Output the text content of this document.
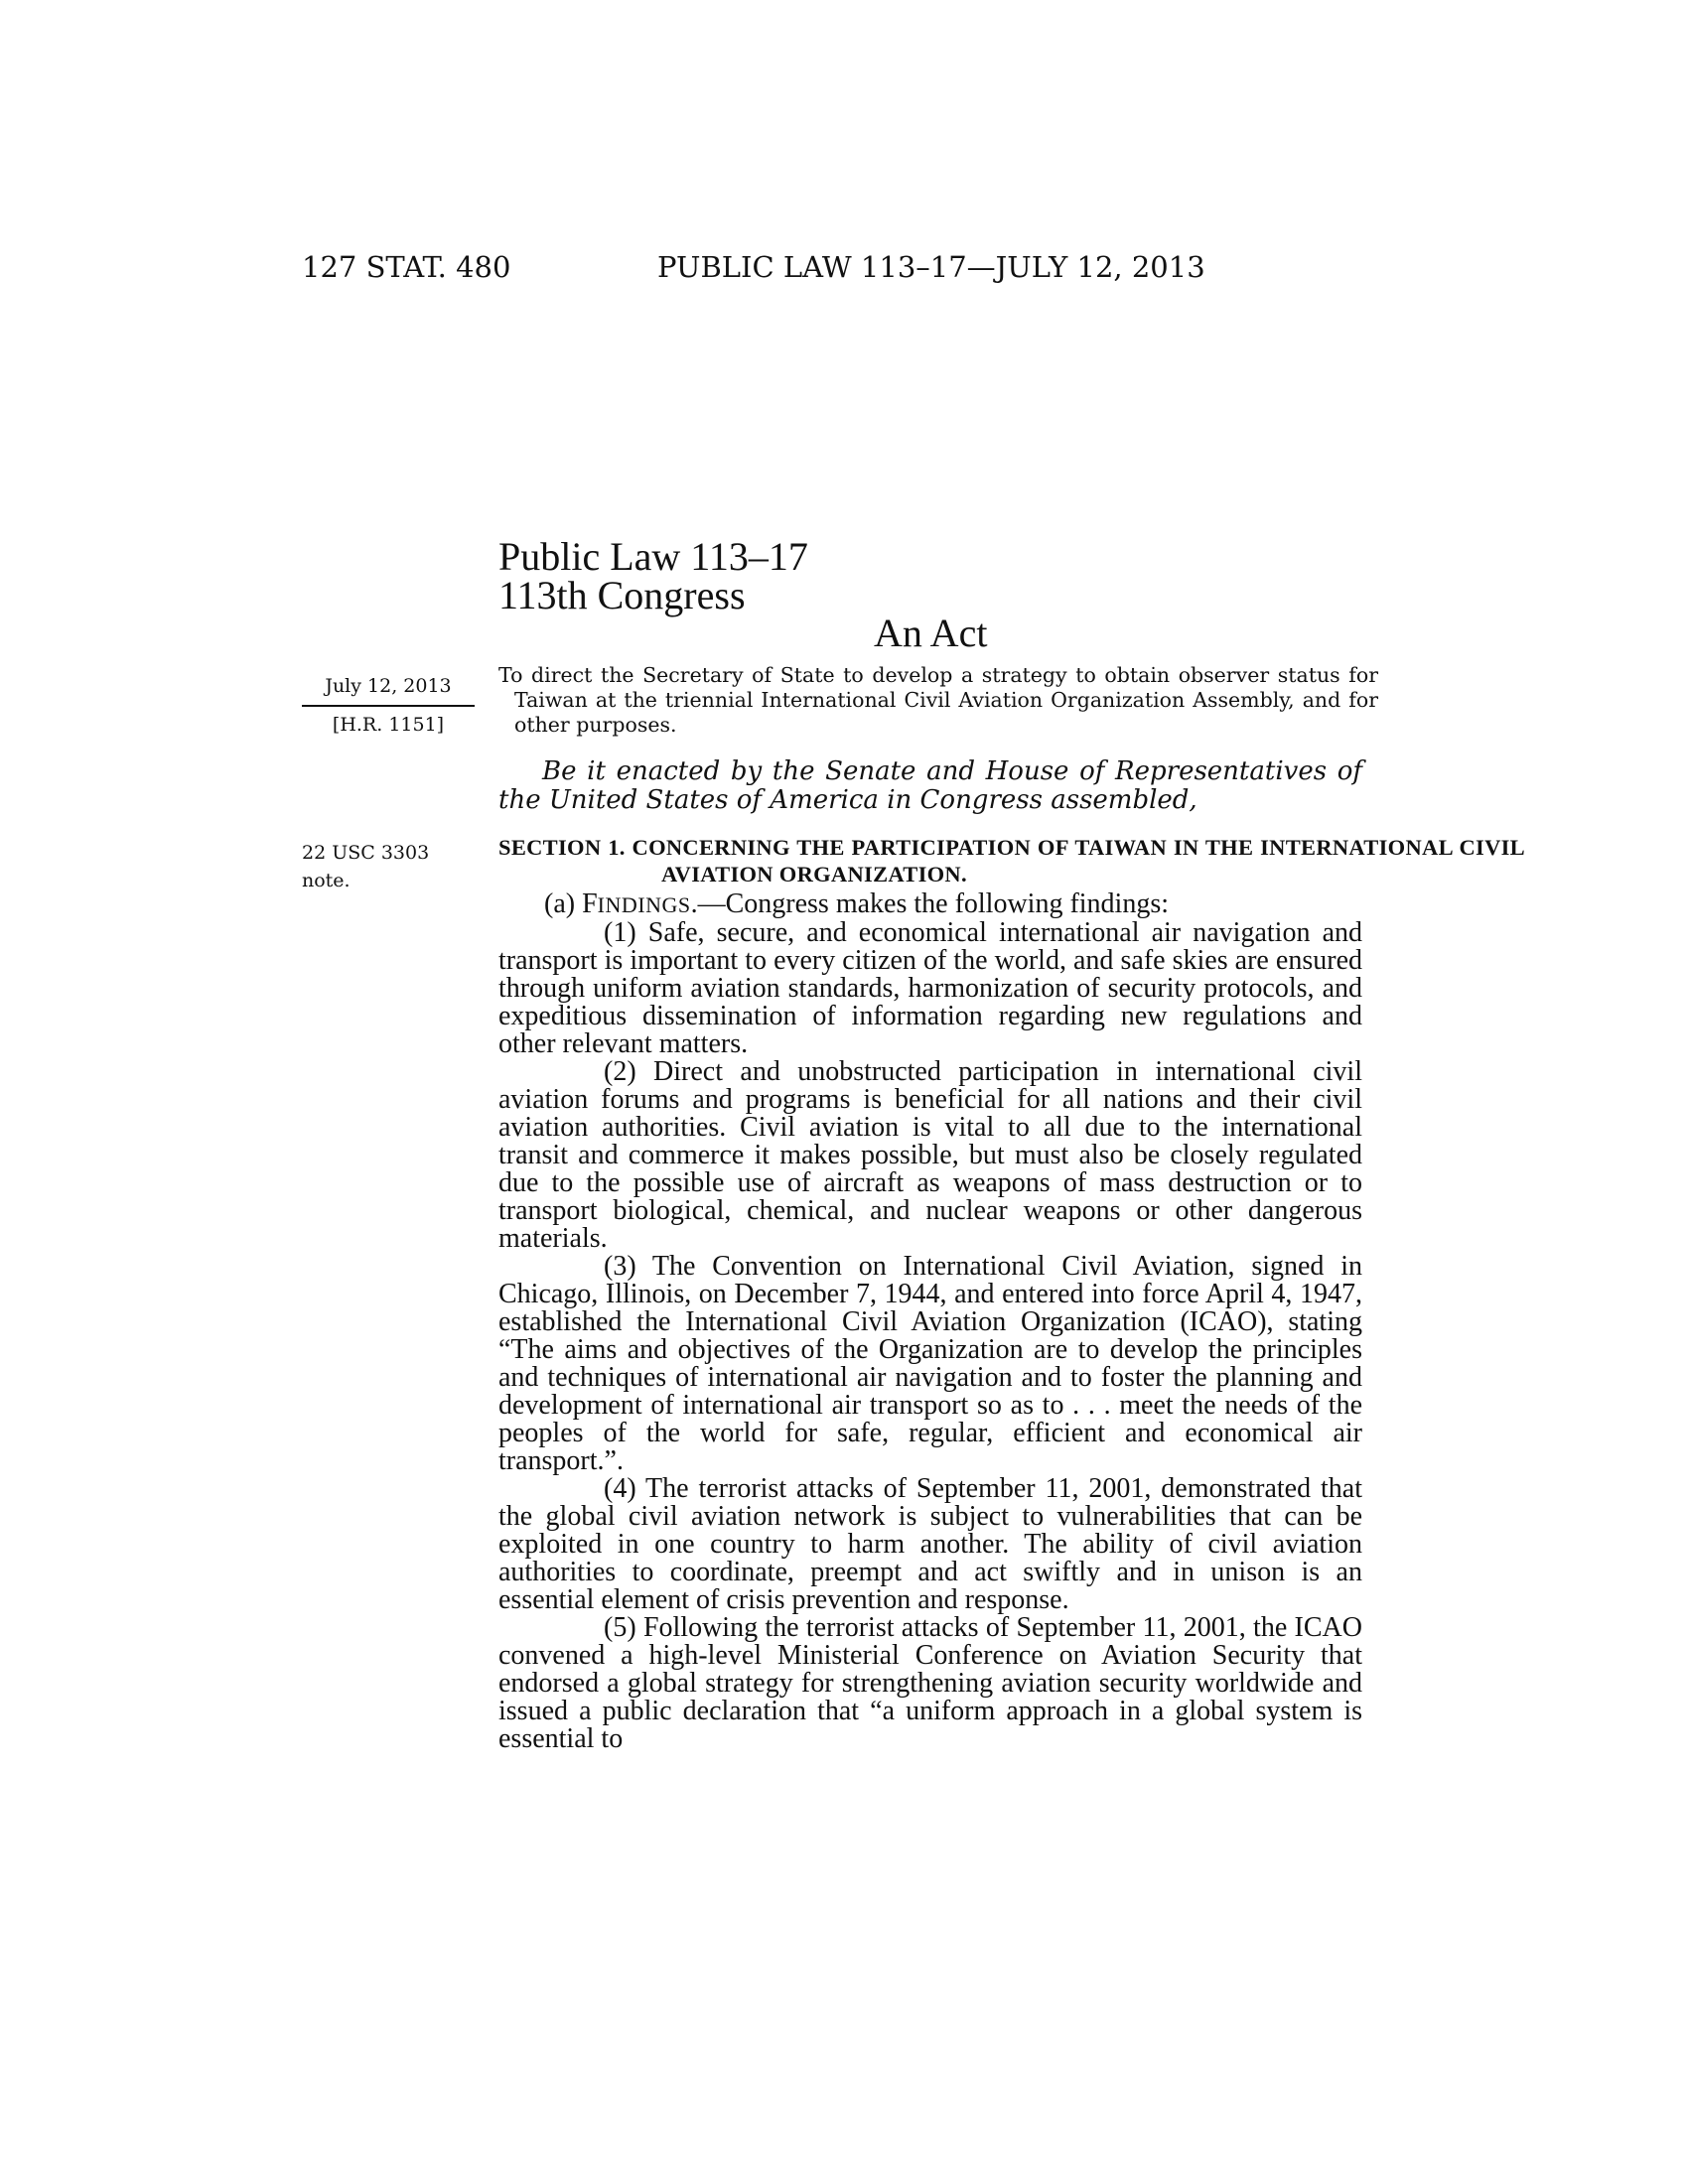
127 STAT. 480	PUBLIC LAW 113–17—JULY 12, 2013
Public Law 113–17
113th Congress
An Act
July 12, 2013
[H.R. 1151]
22 USC 3303
note.
To direct the Secretary of State to develop a strategy to obtain observer status for Taiwan at the triennial International Civil Aviation Organization Assembly, and for other purposes.
Be it enacted by the Senate and House of Representatives of the United States of America in Congress assembled,
SECTION 1. CONCERNING THE PARTICIPATION OF TAIWAN IN THE INTERNATIONAL CIVIL AVIATION ORGANIZATION.

(a) FINDINGS.—Congress makes the following findings:

(1) Safe, secure, and economical international air navigation and transport is important to every citizen of the world, and safe skies are ensured through uniform aviation standards, harmonization of security protocols, and expeditious dissemination of information regarding new regulations and other relevant matters.

(2) Direct and unobstructed participation in international civil aviation forums and programs is beneficial for all nations and their civil aviation authorities. Civil aviation is vital to all due to the international transit and commerce it makes possible, but must also be closely regulated due to the possible use of aircraft as weapons of mass destruction or to transport biological, chemical, and nuclear weapons or other dangerous materials.

(3) The Convention on International Civil Aviation, signed in Chicago, Illinois, on December 7, 1944, and entered into force April 4, 1947, established the International Civil Aviation Organization (ICAO), stating “The aims and objectives of the Organization are to develop the principles and techniques of international air navigation and to foster the planning and development of international air transport so as to . . . meet the needs of the peoples of the world for safe, regular, efficient and economical air transport.”.

(4) The terrorist attacks of September 11, 2001, demonstrated that the global civil aviation network is subject to vulnerabilities that can be exploited in one country to harm another. The ability of civil aviation authorities to coordinate, preempt and act swiftly and in unison is an essential element of crisis prevention and response.

(5) Following the terrorist attacks of September 11, 2001, the ICAO convened a high-level Ministerial Conference on Aviation Security that endorsed a global strategy for strengthening aviation security worldwide and issued a public declaration that “a uniform approach in a global system is essential to
